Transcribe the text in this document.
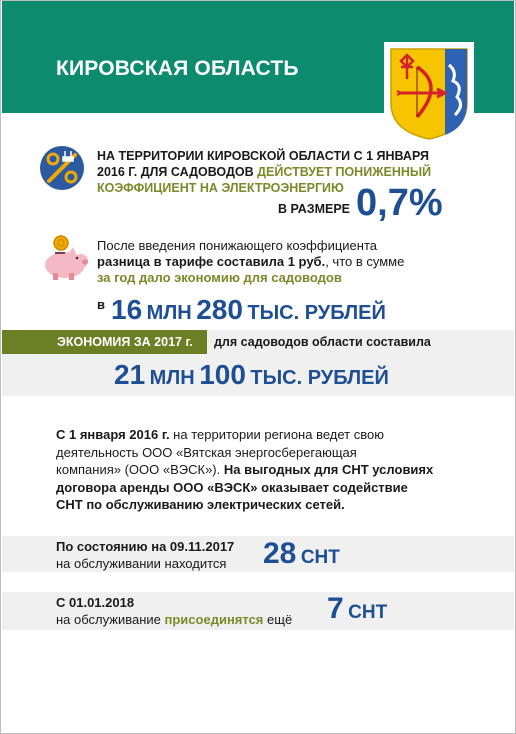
КИРОВСКАЯ ОБЛАСТЬ
НА ТЕРРИТОРИИ КИРОВСКОЙ ОБЛАСТИ С 1 ЯНВАРЯ
2016 Г. ДЛЯ САДОВОДОВ ДЕЙСТВУЕТ ПОНИЖЕННЫЙ
КОЭФФИЦИЕНТ НА ЭЛЕКТРОЭНЕРГИЮ
В РАЗМЕРЕ 0,7%
После введения понижающего коэффициента
разница в тарифе составила 1 руб., что в сумме
за год дало экономию для садоводов
$^в$ 16 МЛН 280 ТЫС. РУБЛЕЙ
ЭКОНОМИЯ ЗА 2017 г. для садоводов области составила
21 МЛН 100 ТЫС. РУБЛЕЙ
С 1 января 2016 г. на территории региона ведет свою
деятельность ООО «Вятская энергосберегающая
компания» (ООО «ВЭСК»). На выгодных для СНТ условиях
договора аренды ООО «ВЭСК» оказывает содействие
СНТ по обслуживанию электрических сетей.
По состоянию на 09.11.2017
на обслуживании находится 28 СНТ
С 01.01.2018
на обслуживание присоединятся ещё 7 СНТ
